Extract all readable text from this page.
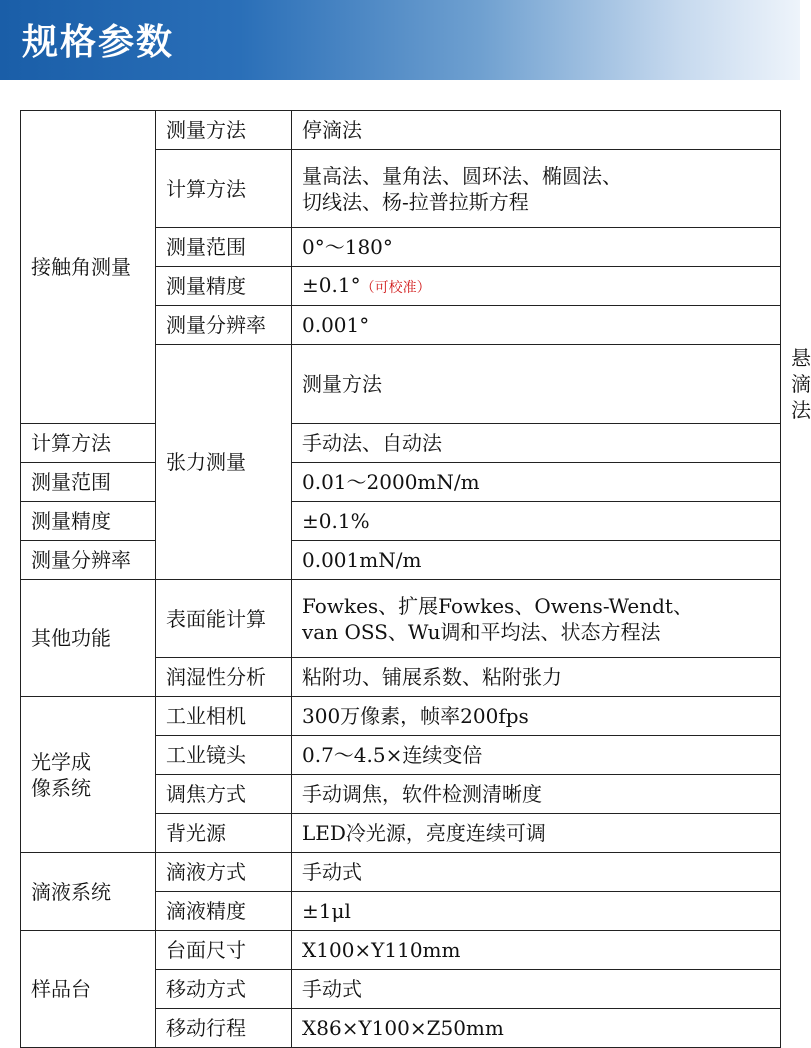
规格参数
接触角测量	测量方法	停滴法	
	计算方法	量高法、量角法、圆环法、椭圆法、
切线法、杨-拉普拉斯方程	

	测量范围	0°～180°	
	测量精度	±0.1°（可校准）	
	测量分辨率	0.001°	
	张力测量	测量方法	悬滴法
计算方法		手动法、自动法	
测量范围		0.01～2000mN/m	
测量精度		±0.1%	
测量分辨率		0.001mN/m	
其他功能	表面能计算	Fowkes、扩展Fowkes、Owens-Wendt、
van OSS、Wu调和平均法、状态方程法	

	润湿性分析	粘附功、铺展系数、粘附张力	

光学成
像系统	工业相机	300万像素，帧率200fps	
	工业镜头	0.7～4.5×连续变倍	
	调焦方式	手动调焦，软件检测清晰度	
	背光源	LED冷光源，亮度连续可调	
滴液系统	滴液方式	手动式	
	滴液精度	±1μl	
样品台	台面尺寸	X100×Y110mm	
	移动方式	手动式	
	移动行程	X86×Y100×Z50mm	
